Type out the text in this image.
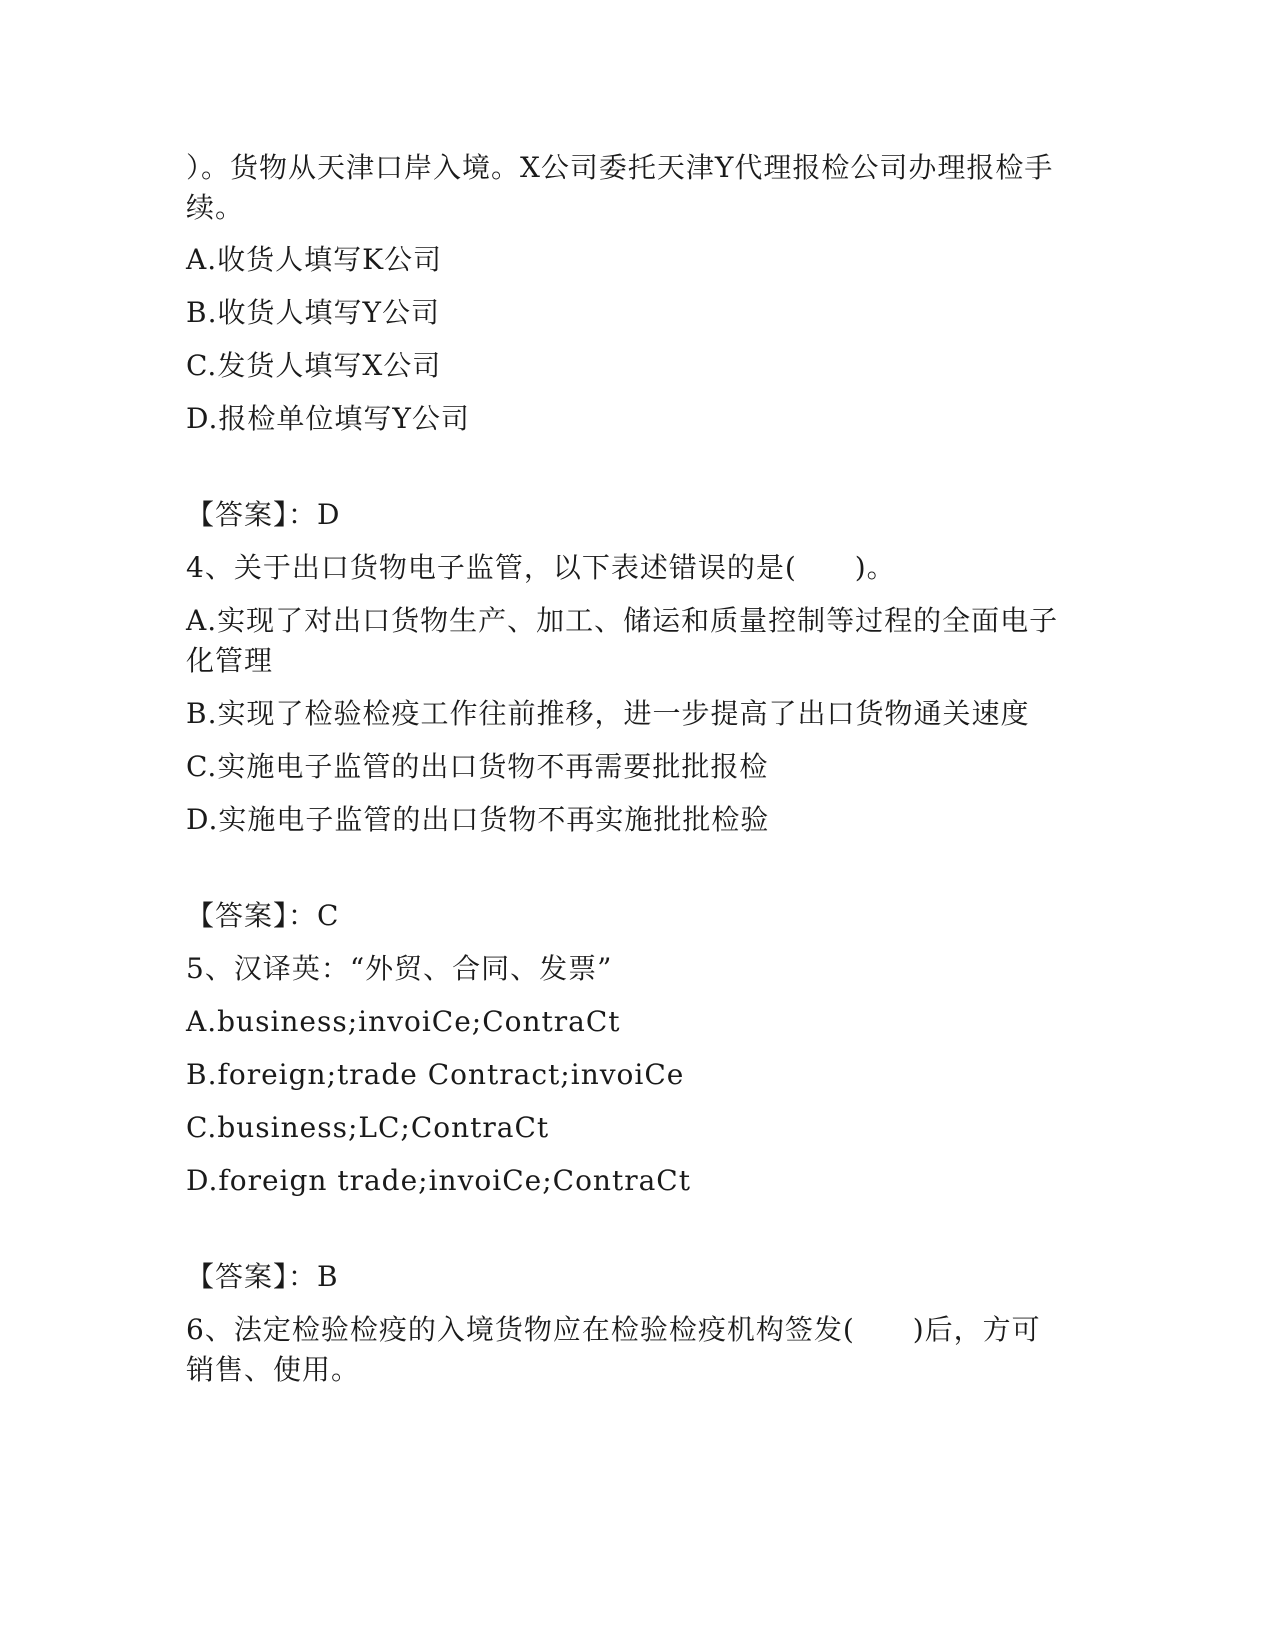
）。货物从天津口岸入境。X公司委托天津Y代理报检公司办理报检手
续。
A.收货人填写K公司
B.收货人填写Y公司
C.发货人填写X公司
D.报检单位填写Y公司
【答案】：D
4、关于出口货物电子监管，以下表述错误的是(　　)。
A.实现了对出口货物生产、加工、储运和质量控制等过程的全面电子
化管理
B.实现了检验检疫工作往前推移，进一步提高了出口货物通关速度
C.实施电子监管的出口货物不再需要批批报检
D.实施电子监管的出口货物不再实施批批检验
【答案】：C
5、汉译英：“外贸、合同、发票”
A.business;invoiCe;ContraCt
B.foreign;trade Contract;invoiCe
C.business;LC;ContraCt
D.foreign trade;invoiCe;ContraCt
【答案】：B
6、法定检验检疫的入境货物应在检验检疫机构签发(　　)后，方可
销售、使用。
